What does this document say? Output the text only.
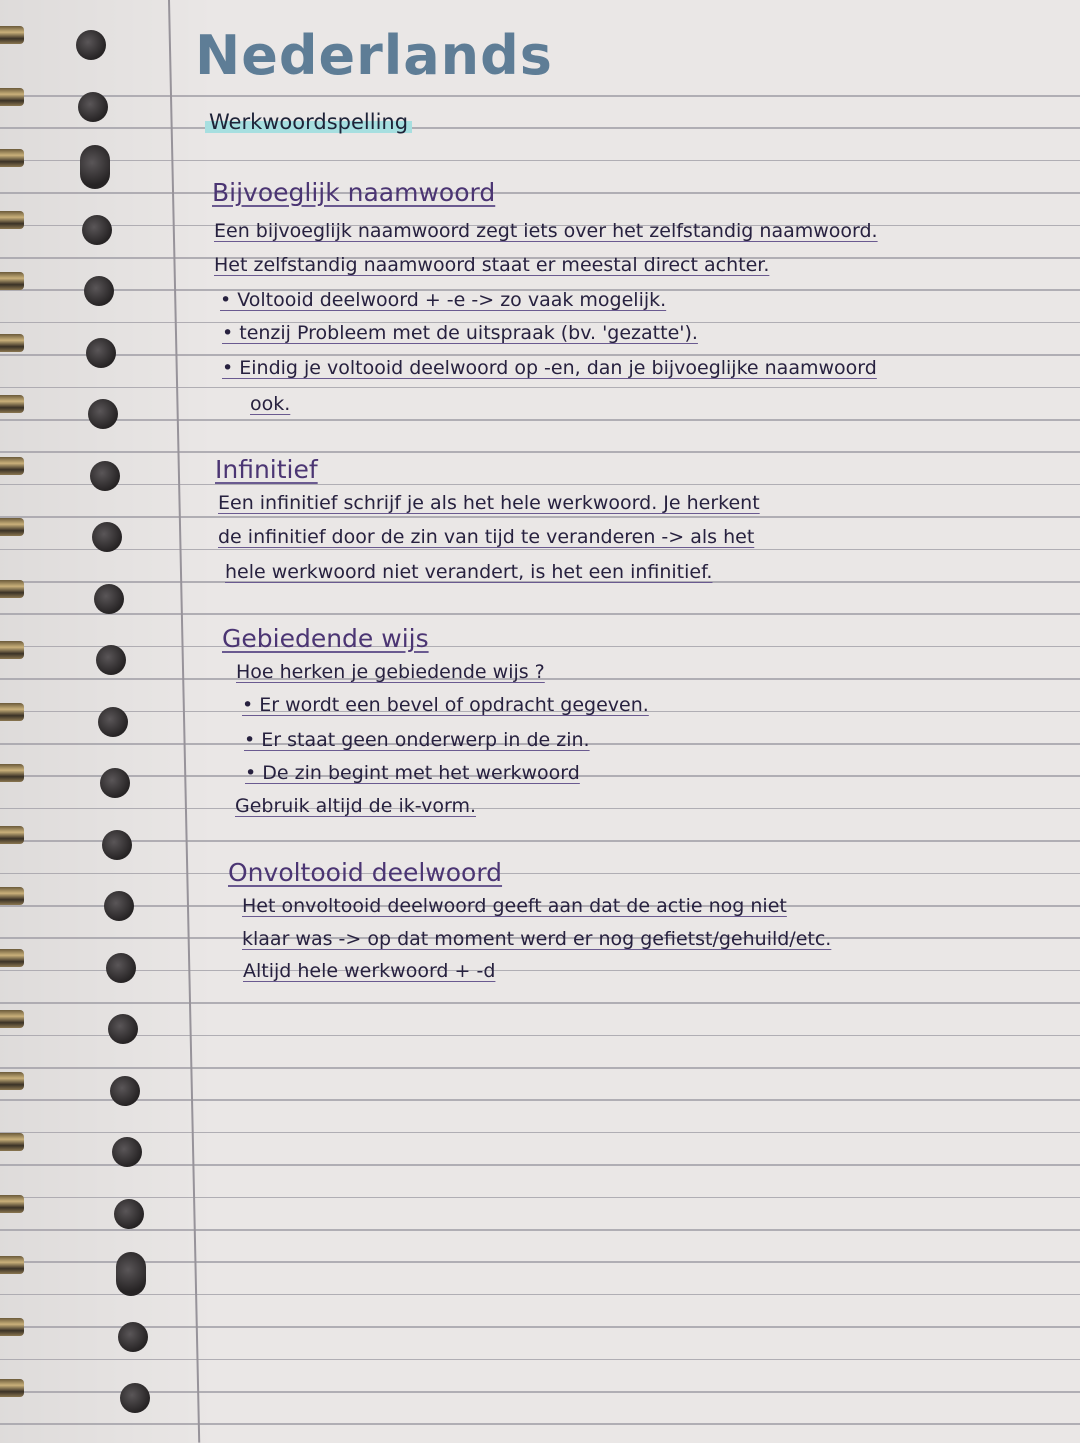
Nederlands
Werkwoordspelling
Bijvoeglijk naamwoord
Een bijvoeglijk naamwoord zegt iets over het zelfstandig naamwoord.
Het zelfstandig naamwoord staat er meestal direct achter.
• Voltooid deelwoord + -e -> zo vaak mogelijk.
• tenzij Probleem met de uitspraak (bv. 'gezatte').
• Eindig je voltooid deelwoord op -en, dan je bijvoeglijke naamwoord
ook.
Infinitief
Een infinitief schrijf je als het hele werkwoord. Je herkent
de infinitief door de zin van tijd te veranderen -> als het
hele werkwoord niet verandert, is het een infinitief.
Gebiedende wijs
Hoe herken je gebiedende wijs ?
• Er wordt een bevel of opdracht gegeven.
• Er staat geen onderwerp in de zin.
• De zin begint met het werkwoord
Gebruik altijd de ik-vorm.
Onvoltooid deelwoord
Het onvoltooid deelwoord geeft aan dat de actie nog niet
klaar was -> op dat moment werd er nog gefietst/gehuild/etc.
Altijd hele werkwoord + -d
